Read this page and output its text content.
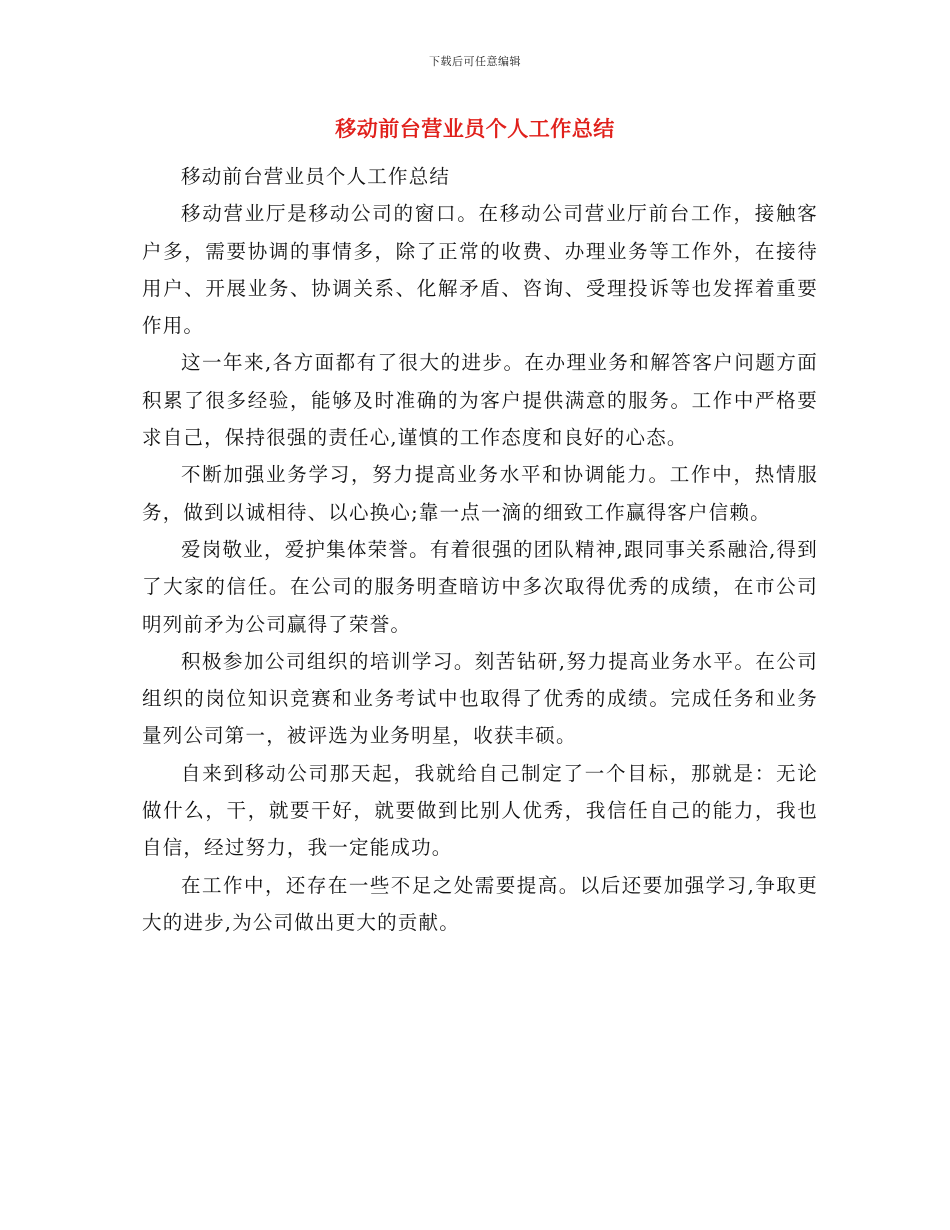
下载后可任意编辑
移动前台营业员个人工作总结

移动前台营业员个人工作总结

移动营业厅是移动公司的窗口。在移动公司营业厅前台工作，接触客户多，需要协调的事情多，除了正常的收费、办理业务等工作外，在接待用户、开展业务、协调关系、化解矛盾、咨询、受理投诉等也发挥着重要作用。

这一年来,各方面都有了很大的进步。在办理业务和解答客户问题方面积累了很多经验，能够及时准确的为客户提供满意的服务。工作中严格要求自己，保持很强的责任心,谨慎的工作态度和良好的心态。

不断加强业务学习，努力提高业务水平和协调能力。工作中，热情服务，做到以诚相待、以心换心;靠一点一滴的细致工作赢得客户信赖。

爱岗敬业，爱护集体荣誉。有着很强的团队精神,跟同事关系融洽,得到了大家的信任。在公司的服务明查暗访中多次取得优秀的成绩，在市公司明列前矛为公司赢得了荣誉。

积极参加公司组织的培训学习。刻苦钻研,努力提高业务水平。在公司组织的岗位知识竞赛和业务考试中也取得了优秀的成绩。完成任务和业务量列公司第一，被评选为业务明星，收获丰硕。

自来到移动公司那天起，我就给自己制定了一个目标，那就是：无论做什么，干，就要干好，就要做到比别人优秀，我信任自己的能力，我也自信，经过努力，我一定能成功。

在工作中，还存在一些不足之处需要提高。以后还要加强学习,争取更大的进步,为公司做出更大的贡献。
